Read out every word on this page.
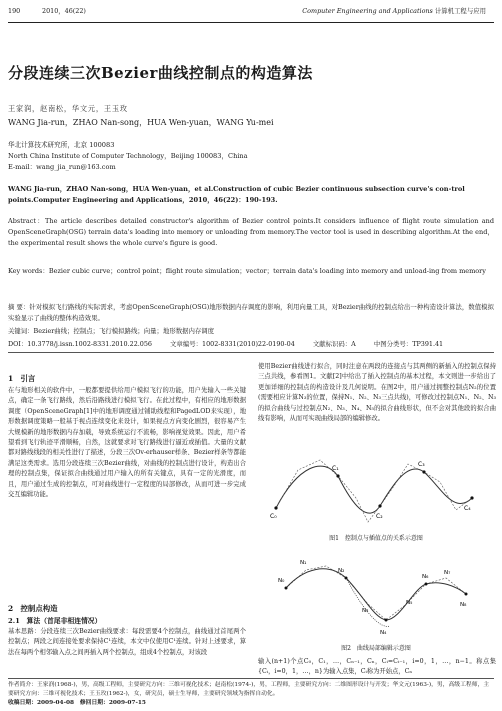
190	2010，46(22)	Computer Engineering and Applications 计算机工程与应用
分段连续三次Bezier曲线控制点的构造算法
王家润，赵南松，华文元，王玉玫
WANG Jia-run，ZHAO Nan-song，HUA Wen-yuan，WANG Yu-mei
华北计算技术研究所，北京 100083
North China Institute of Computer Technology，Beijing 100083，China
E-mail：wang_jia_run@163.com
WANG Jia-run，ZHAO Nan-song，HUA Wen-yuan，et al.Construction of cubic Bezier continuous subsection curve's con-trol points.Computer Engineering and Applications，2010，46(22)：190-193.
Abstract：The article describes detailed constructor's algorithm of Bezier control points.It considers influence of flight route simulation and OpenSceneGraph(OSG) terrain data's loading into memory or unloading from memory.The vector tool is used in describing algorithm.At the end，the experimental result shows the whole curve's figure is good.
Key words：Bezier cubic curve；control point；flight route simulation；vector；terrain data's loading into memory and unload-ing from memory
摘 要：针对模拟飞行路线的实际需求，考虑OpenSceneGraph(OSG)地形数据内存调度的影响，利用向量工具，对Bezier曲线的控制点给出一种构造设计算法，数值模拟实验显示了曲线的整体构造效果。
关键词：Bezier曲线；控制点；飞行模拟路线；向量；地形数据内存调度
DOI：10.3778/j.issn.1002-8331.2010.22.056	文章编号：1002-8331(2010)22-0190-04	文献标识码：A	中图分类号：TP391.41
1　引言

在与地形相关的软件中，一般都要提供给用户模拟飞行的功能，用户先输入一些关键点，确定一条飞行路线，然后沿路线进行模拟飞行。在此过程中，有相应的地形数据调度（OpenSceneGraph[1]中的地形调度通过铺助线程和PagedLOD来实现），地形数据调度策略一般基于视点连续变化来设计，如果视点方向变化剧烈，很容易产生大规模新的地形数据内存加载，导致系统运行不流畅，影响视觉效果。因此，用户希望看到飞行轨迹平滑顺畅，自然，这就要求对飞行路线进行逼近或插值。大量的文献都对路线线段的相关性进行了描述，分段三次Ov-erhauser样条、Bezier样条等都能满足这类需求。选用分段连续三次Bezier曲线，对曲线的控制点进行设计，构造出合理的控制点集，保证拟合曲线通过用户输入的所有关键点，具有一定的光滑度，而且，用户通过生成的控制点，可对曲线进行一定程度的局部修改，从而可进一步完成交互编辑功能。

2　控制点构造
2.1　算法（首尾非相连情况）

基本思路：分段连续三次Bezier曲线要求：每段需要4个控制点，曲线通过首尾两个控制点；两段之间连接处要求保持C¹连续，本文中仅使用C¹连续。针对上述要求，算法在每两个相邻输入点之间再插入两个控制点，组成4个控制点，对该段

使用Bezier曲线进行拟合，同时注意在两段的连接点与其两侧的新插入的控制点保持三点共线，参看图1。文献[2]中给出了插入控制点的基本过程，本文则进一步给出了更加详细的控制点的构造设计及几何说明。在图2中，用户通过拥整控制点N₂的位置(需要相应计算N₃的位置，保持N₁、N₂、N₃三点共线)，可修改过控制点N₁、N₂、N₃的拟合曲线与过控制点N₂、N₃、N₄、N₅的拟合曲线形状，但不会对其他段的拟合曲线有影响，从而可实现曲线局部的编辑修改。

C₀
C₁
C₂
C₃
C₄
图1　控制点与插值点的关系示意图
N₀
N₁
N₂
N₃
N₄
N₅
N₆
N₇
N₈
图2　曲线局部编辑示意图

输入(n+1)个点C₀，C₁，…，Cₙ₋₁，Cₙ，Cᵢ=Cᵢ₋₁，i=0，1，…，n−1。称点集{Cᵢ，i=0，1，…，n}为输入点集，Cᵢ称为开始点，Cₙ

作者简介：王家润(1968-)，男，高级工程师，主要研究方向：三维可视化技术；赵南松(1974-)，男，工程师，主要研究方向：二维图形设计与开发；华文元(1963-)，男，高级工程师，主要研究方向：三维可视化技术；王玉玫(1962-)，女，研究员，硕士生导师，主要研究领域为指挥自动化。
收稿日期：2009-04-08　修回日期：2009-07-15
